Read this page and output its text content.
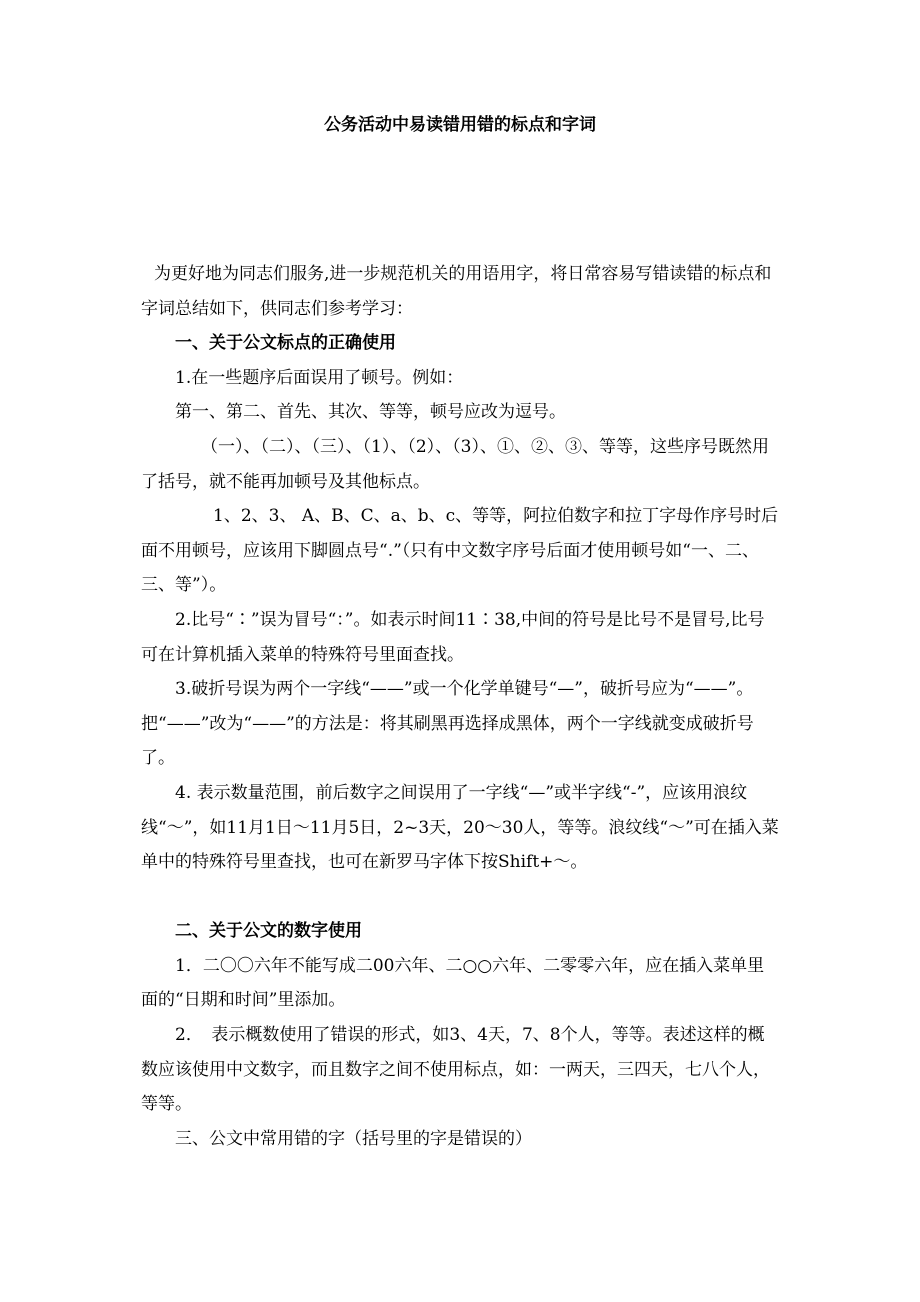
公务活动中易读错用错的标点和字词

为更好地为同志们服务,进一步规范机关的用语用字，将日常容易写错读错的标点和字词总结如下，供同志们参考学习：

一、关于公文标点的正确使用

1.在一些题序后面误用了顿号。例如：

第一、第二、首先、其次、等等，顿号应改为逗号。

（一）、（二）、（三）、（1）、（2）、（3）、①、②、③、等等，这些序号既然用了括号，就不能再加顿号及其他标点。

1、2、3、 A、B、C、a、b、c、等等，阿拉伯数字和拉丁字母作序号时后面不用顿号，应该用下脚圆点号“.”（只有中文数字序号后面才使用顿号如“一、二、三、等”）。

2.比号“∶”误为冒号“：”。如表示时间11∶38,中间的符号是比号不是冒号,比号可在计算机插入菜单的特殊符号里面查找。

3.破折号误为两个一字线“——”或一个化学单键号“—”，破折号应为“——”。把“——”改为“——”的方法是：将其刷黑再选择成黑体，两个一字线就变成破折号了。

4. 表示数量范围，前后数字之间误用了一字线“—”或半字线“-”，应该用浪纹线“～”，如11月1日～11月5日，2~3天，20～30人，等等。浪纹线“～”可在插入菜单中的特殊符号里查找，也可在新罗马字体下按Shift+～。

二、关于公文的数字使用

1．二〇〇六年不能写成二00六年、二○○六年、二零零六年，应在插入菜单里面的“日期和时间”里添加。

2．　表示概数使用了错误的形式，如3、4天，7、8个人，等等。表述这样的概数应该使用中文数字，而且数字之间不使用标点，如：一两天，三四天，七八个人，等等。

三、公文中常用错的字（括号里的字是错误的）
